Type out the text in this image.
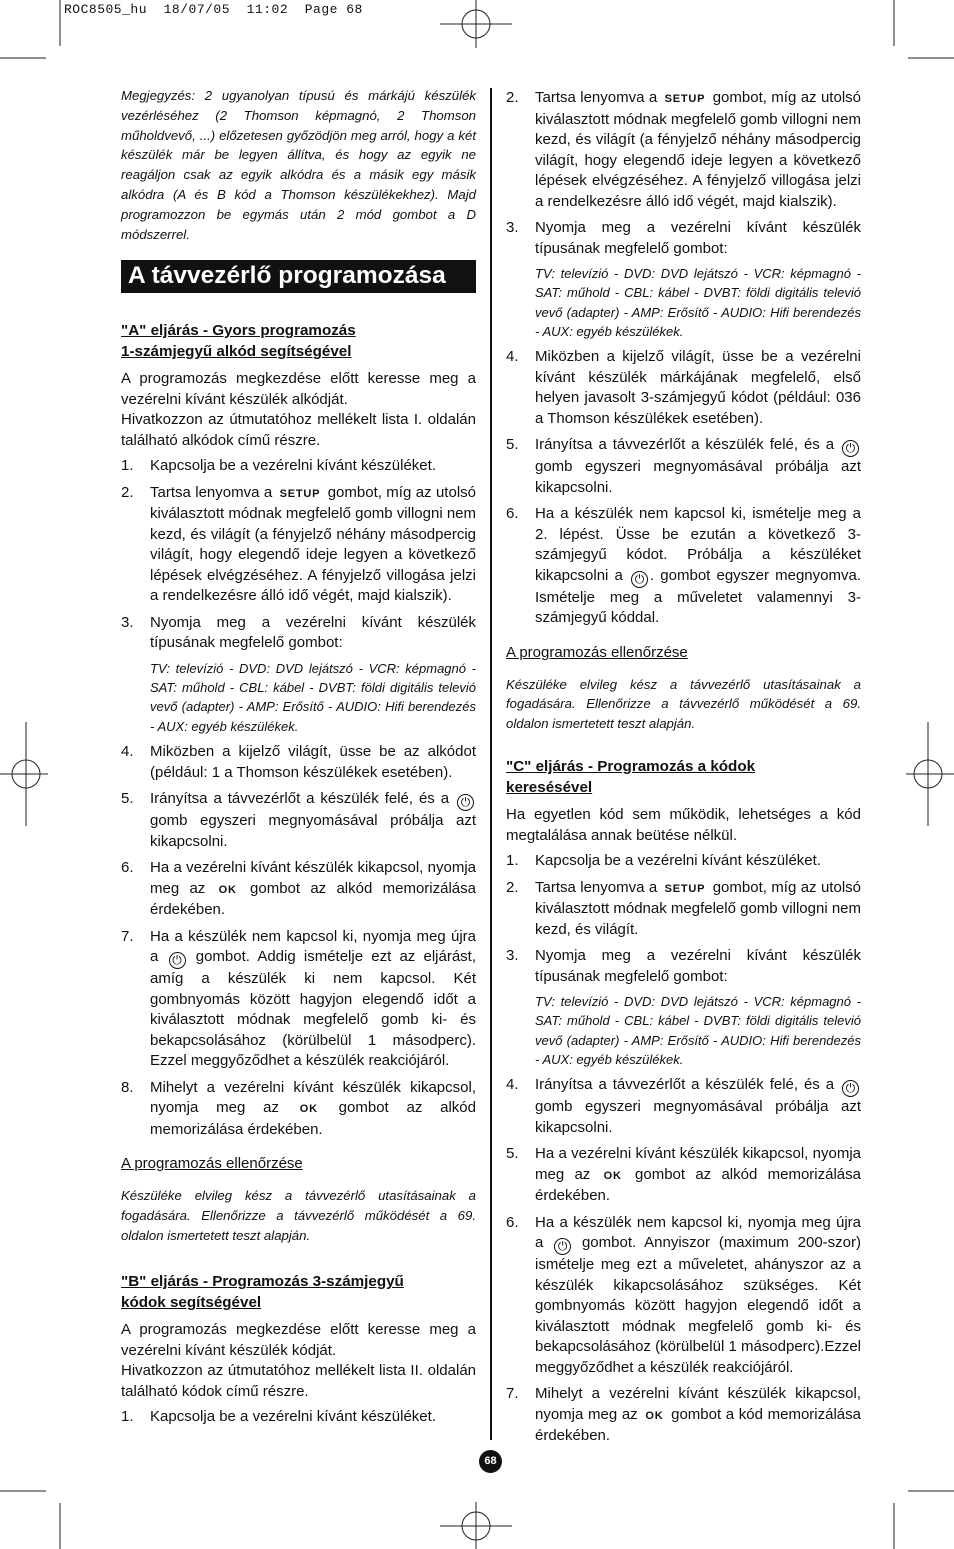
ROC8505_hu  18/07/05  11:02  Page 68

Megjegyzés: 2 ugyanolyan típusú és márkájú készülék vezérléséhez (2 Thomson képmagnó, 2 Thomson műholdvevő, ...) előzetesen győzödjön meg arról, hogy a két készülék már be legyen állítva, és hogy az egyik ne reagáljon csak az egyik alkódra és a másik egy másik alkódra (A és B kód a Thomson készülékekhez). Majd programozzon be egymás után 2 mód gombot a D módszerrel.

A távvezérlő programozása
"A" eljárás - Gyors programozás
1-számjegyű alkód segítségével

A programozás megkezdése előtt keresse meg a vezérelni kívánt készülék alkódját.

Hivatkozzon az útmutatóhoz mellékelt lista I. oldalán található alkódok című részre.

1. Kapcsolja be a vezérelni kívánt készüléket.
2. Tartsa lenyomva a SETUP gombot, míg az utolsó kiválasztott módnak megfelelő gomb villogni nem kezd, és világít (a fényjelző néhány másodpercig világít, hogy elegendő ideje legyen a következő lépések elvégzéséhez. A fényjelző villogása jelzi a rendelkezésre álló idő végét, majd kialszik).
3. Nyomja meg a vezérelni kívánt készülék típusának megfelelő gombot:

TV: televízió - DVD: DVD lejátszó - VCR: képmagnó - SAT: műhold - CBL: kábel - DVBT: földi digitális televió vevő (adapter) - AMP: Erősítő - AUDIO: Hifi berendezés - AUX: egyéb készülékek.

4. Miközben a kijelző világít, üsse be az alkódot (például: 1 a Thomson készülékek esetében).
5. Irányítsa a távvezérlőt a készülék felé, és a ⏻ gomb egyszeri megnyomásával próbálja azt kikapcsolni.
6. Ha a vezérelni kívánt készülék kikapcsol, nyomja meg az OK gombot az alkód memorizálása érdekében.
7. Ha a készülék nem kapcsol ki, nyomja meg újra a ⏻ gombot. Addig ismételje ezt az eljárást, amíg a készülék ki nem kapcsol. Két gombnyomás között hagyjon elegendő időt a kiválasztott módnak megfelelő gomb ki- és bekapcsolásához (körülbelül 1 másodperc). Ezzel meggyőződhet a készülék reakciójáról.
8. Mihelyt a vezérelni kívánt készülék kikapcsol, nyomja meg az OK gombot az alkód memorizálása érdekében.
A programozás ellenőrzése

Készüléke elvileg kész a távvezérlő utasításainak a fogadására. Ellenőrizze a távvezérlő működését a 69. oldalon ismertetett teszt alapján.

"B" eljárás - Programozás 3-számjegyű
kódok segítségével

A programozás megkezdése előtt keresse meg a vezérelni kívánt készülék kódját.

Hivatkozzon az útmutatóhoz mellékelt lista II. oldalán található kódok című részre.

1. Kapcsolja be a vezérelni kívánt készüléket.
2. Tartsa lenyomva a SETUP gombot, míg az utolsó kiválasztott módnak megfelelő gomb villogni nem kezd, és világít (a fényjelző néhány másodpercig világít, hogy elegendő ideje legyen a következő lépések elvégzéséhez. A fényjelző villogása jelzi a rendelkezésre álló idő végét, majd kialszik).
3. Nyomja meg a vezérelni kívánt készülék típusának megfelelő gombot:

TV: televízió - DVD: DVD lejátszó - VCR: képmagnó - SAT: műhold - CBL: kábel - DVBT: földi digitális televió vevő (adapter) - AMP: Erősítő - AUDIO: Hifi berendezés - AUX: egyéb készülékek.

4. Miközben a kijelző világít, üsse be a vezérelni kívánt készülék márkájának megfelelő, első helyen javasolt 3-számjegyű kódot (például: 036 a Thomson készülékek esetében).
5. Irányítsa a távvezérlőt a készülék felé, és a ⏻ gomb egyszeri megnyomásával próbálja azt kikapcsolni.
6. Ha a készülék nem kapcsol ki, ismételje meg a 2. lépést. Üsse be ezután a következő 3-számjegyű kódot. Próbálja a készüléket kikapcsolni a ⏻ . gombot egyszer megnyomva. Ismételje meg a műveletet valamennyi 3-számjegyű kóddal.
A programozás ellenőrzése

Készüléke elvileg kész a távvezérlő utasításainak a fogadására. Ellenőrizze a távvezérlő működését a 69. oldalon ismertetett teszt alapján.

"C" eljárás - Programozás a kódok
keresésével

Ha egyetlen kód sem működik, lehetséges a kód megtalálása annak beütése nélkül.

1. Kapcsolja be a vezérelni kívánt készüléket.
2. Tartsa lenyomva a SETUP gombot, míg az utolsó kiválasztott módnak megfelelő gomb villogni nem kezd, és világít.
3. Nyomja meg a vezérelni kívánt készülék típusának megfelelő gombot:

TV: televízió - DVD: DVD lejátszó - VCR: képmagnó - SAT: műhold - CBL: kábel - DVBT: földi digitális televió vevő (adapter) - AMP: Erősítő - AUDIO: Hifi berendezés - AUX: egyéb készülékek.

4. Irányítsa a távvezérlőt a készülék felé, és a ⏻ gomb egyszeri megnyomásával próbálja azt kikapcsolni.
5. Ha a vezérelni kívánt készülék kikapcsol, nyomja meg az OK gombot az alkód memorizálása érdekében.
6. Ha a készülék nem kapcsol ki, nyomja meg újra a ⏻ gombot. Annyiszor (maximum 200-szor) ismételje meg ezt a műveletet, ahányszor az a készülék kikapcsolásához szükséges. Két gombnyomás között hagyjon elegendő időt a kiválasztott módnak megfelelő gomb ki- és bekapcsolásához (körülbelül 1 másodperc).Ezzel meggyőződhet a készülék reakciójáról.
7. Mihelyt a vezérelni kívánt készülék kikapcsol, nyomja meg az OK gombot a kód memorizálása érdekében.
68
